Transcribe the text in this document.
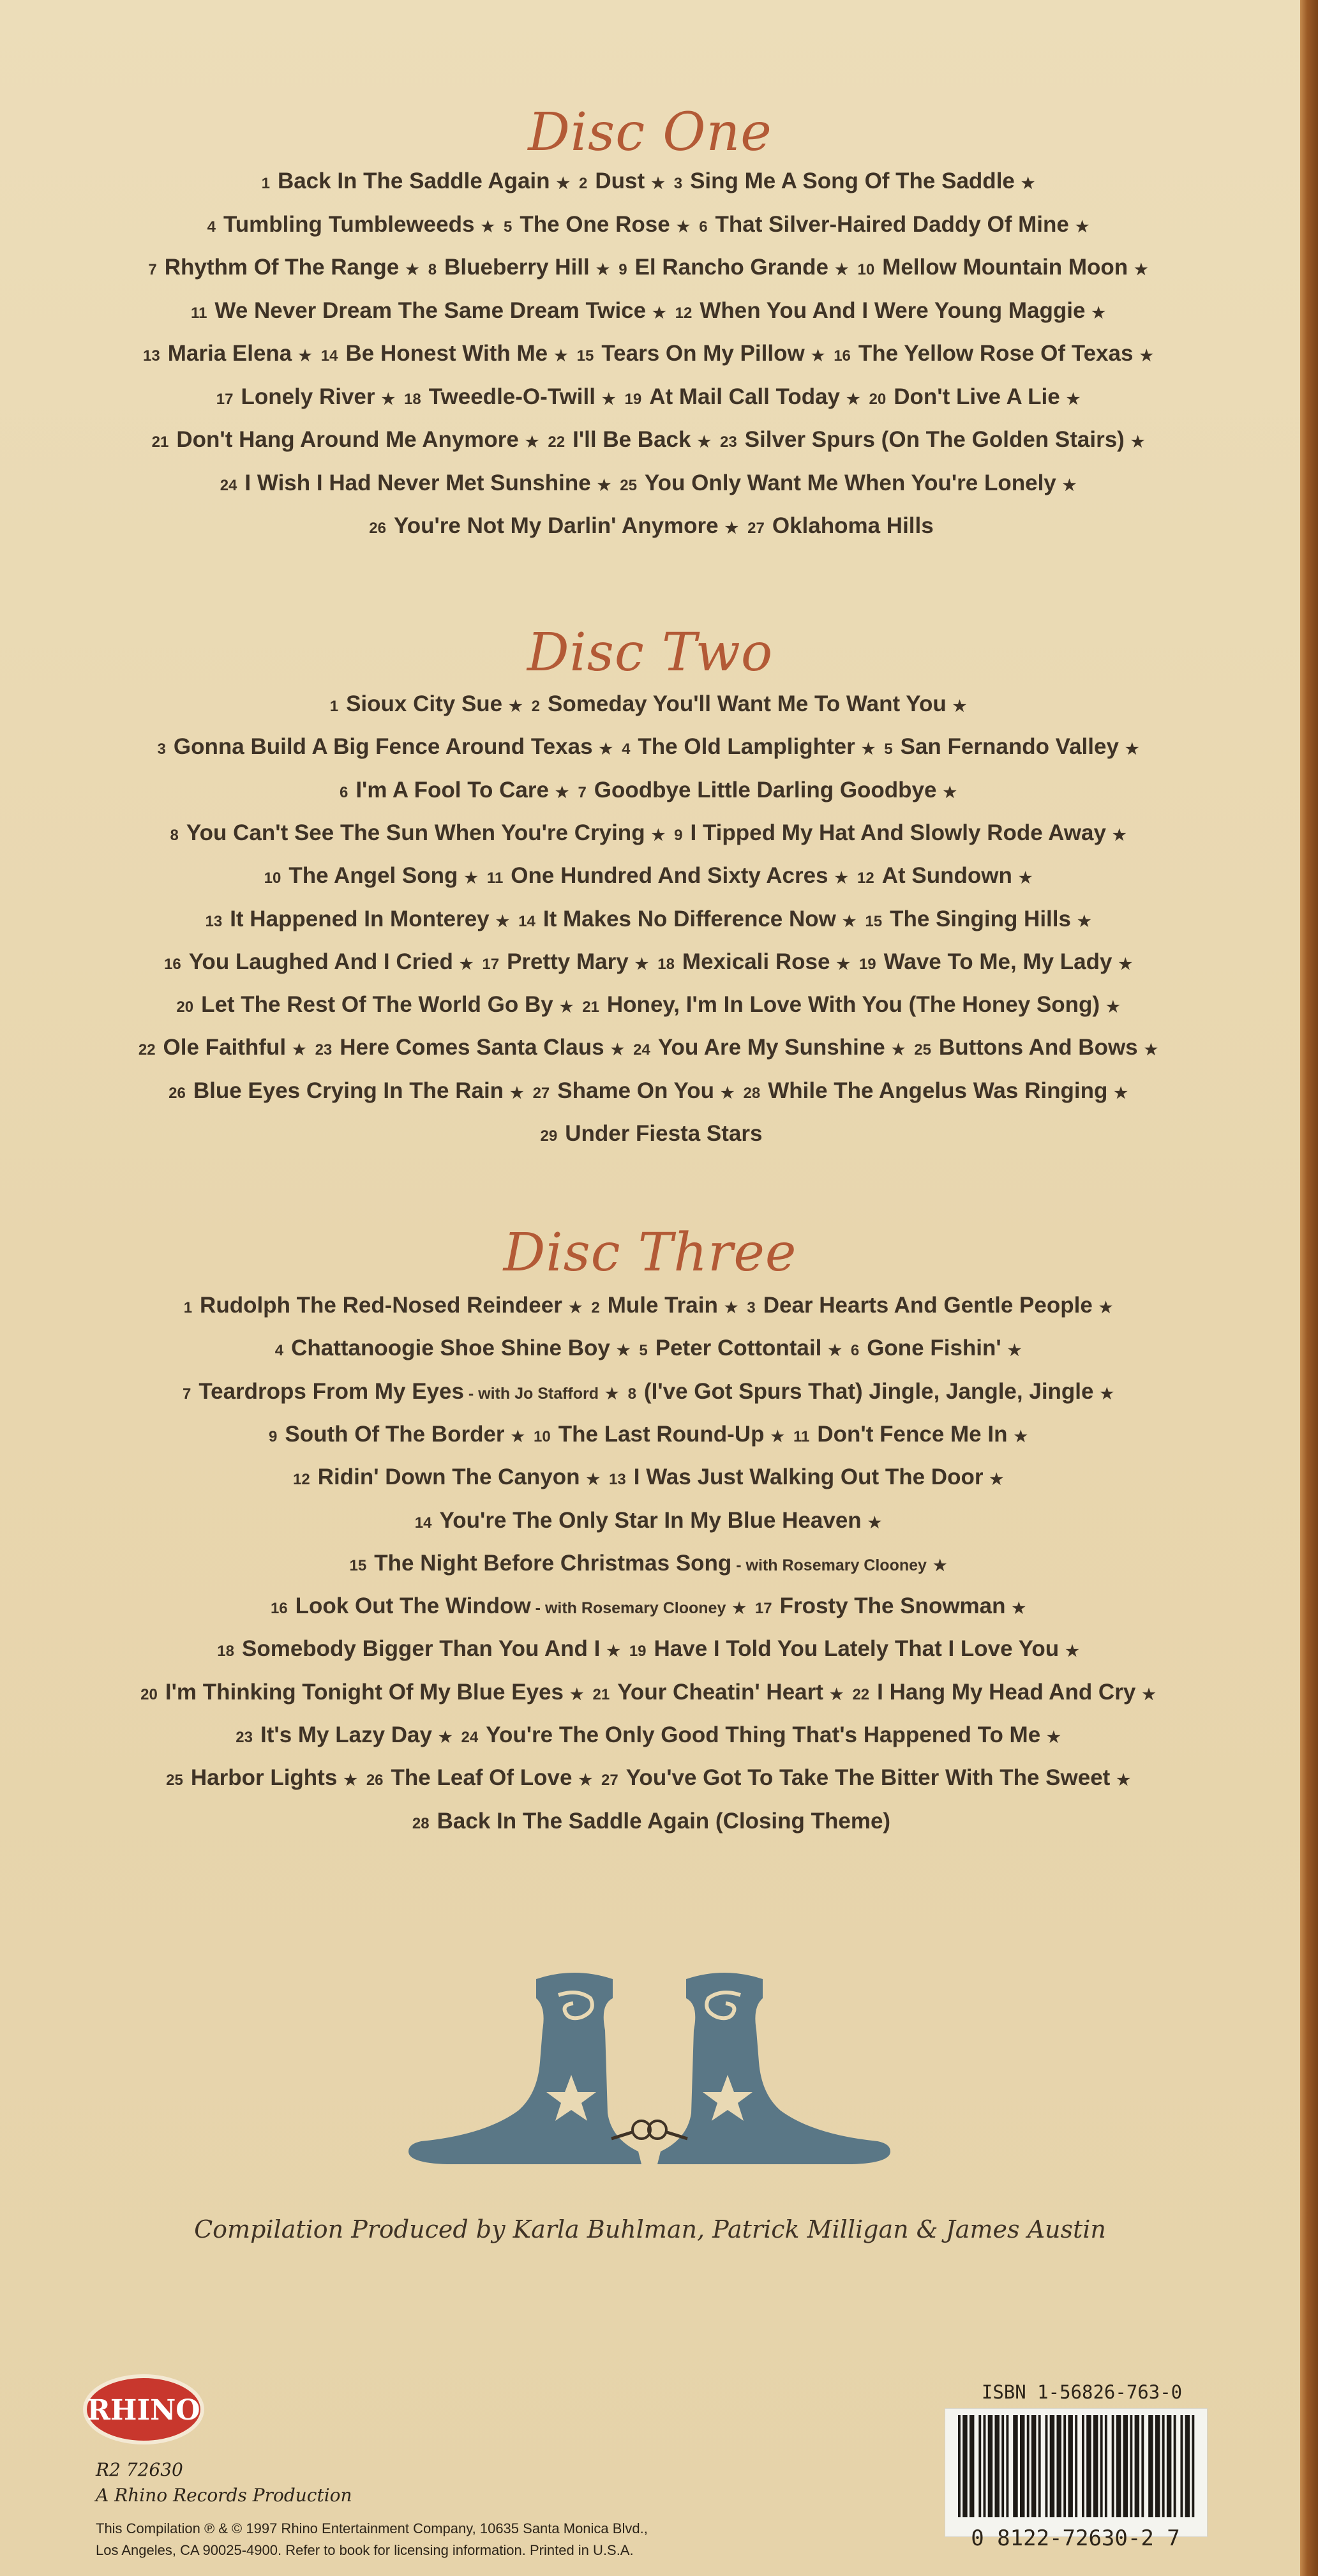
Disc One
1 Back In The Saddle Again ★ 2 Dust ★ 3 Sing Me A Song Of The Saddle ★
4 Tumbling Tumbleweeds ★ 5 The One Rose ★ 6 That Silver-Haired Daddy Of Mine ★
7 Rhythm Of The Range ★ 8 Blueberry Hill ★ 9 El Rancho Grande ★ 10 Mellow Mountain Moon ★
11 We Never Dream The Same Dream Twice ★ 12 When You And I Were Young Maggie ★
13 Maria Elena ★ 14 Be Honest With Me ★ 15 Tears On My Pillow ★ 16 The Yellow Rose Of Texas ★
17 Lonely River ★ 18 Tweedle-O-Twill ★ 19 At Mail Call Today ★ 20 Don't Live A Lie ★
21 Don't Hang Around Me Anymore ★ 22 I'll Be Back ★ 23 Silver Spurs (On The Golden Stairs) ★
24 I Wish I Had Never Met Sunshine ★ 25 You Only Want Me When You're Lonely ★
26 You're Not My Darlin' Anymore ★ 27 Oklahoma Hills
Disc Two
1 Sioux City Sue ★ 2 Someday You'll Want Me To Want You ★
3 Gonna Build A Big Fence Around Texas ★ 4 The Old Lamplighter ★ 5 San Fernando Valley ★
6 I'm A Fool To Care ★ 7 Goodbye Little Darling Goodbye ★
8 You Can't See The Sun When You're Crying ★ 9 I Tipped My Hat And Slowly Rode Away ★
10 The Angel Song ★ 11 One Hundred And Sixty Acres ★ 12 At Sundown ★
13 It Happened In Monterey ★ 14 It Makes No Difference Now ★ 15 The Singing Hills ★
16 You Laughed And I Cried ★ 17 Pretty Mary ★ 18 Mexicali Rose ★ 19 Wave To Me, My Lady ★
20 Let The Rest Of The World Go By ★ 21 Honey, I'm In Love With You (The Honey Song) ★
22 Ole Faithful ★ 23 Here Comes Santa Claus ★ 24 You Are My Sunshine ★ 25 Buttons And Bows ★
26 Blue Eyes Crying In The Rain ★ 27 Shame On You ★ 28 While The Angelus Was Ringing ★
29 Under Fiesta Stars
Disc Three
1 Rudolph The Red-Nosed Reindeer ★ 2 Mule Train ★ 3 Dear Hearts And Gentle People ★
4 Chattanoogie Shoe Shine Boy ★ 5 Peter Cottontail ★ 6 Gone Fishin' ★
7 Teardrops From My Eyes - with Jo Stafford ★ 8 (I've Got Spurs That) Jingle, Jangle, Jingle ★
9 South Of The Border ★ 10 The Last Round-Up ★ 11 Don't Fence Me In ★
12 Ridin' Down The Canyon ★ 13 I Was Just Walking Out The Door ★
14 You're The Only Star In My Blue Heaven ★
15 The Night Before Christmas Song - with Rosemary Clooney ★
16 Look Out The Window - with Rosemary Clooney ★ 17 Frosty The Snowman ★
18 Somebody Bigger Than You And I ★ 19 Have I Told You Lately That I Love You ★
20 I'm Thinking Tonight Of My Blue Eyes ★ 21 Your Cheatin' Heart ★ 22 I Hang My Head And Cry ★
23 It's My Lazy Day ★ 24 You're The Only Good Thing That's Happened To Me ★
25 Harbor Lights ★ 26 The Leaf Of Love ★ 27 You've Got To Take The Bitter With The Sweet ★
28 Back In The Saddle Again (Closing Theme)
Compilation Produced by Karla Buhlman, Patrick Milligan & James Austin
RHINO
R2 72630
A Rhino Records Production
This Compilation ℗ & © 1997 Rhino Entertainment Company, 10635 Santa Monica Blvd.,
Los Angeles, CA 90025-4900. Refer to book for licensing information. Printed in U.S.A.
ISBN 1-56826-763-0
0 8122-72630-2 7
